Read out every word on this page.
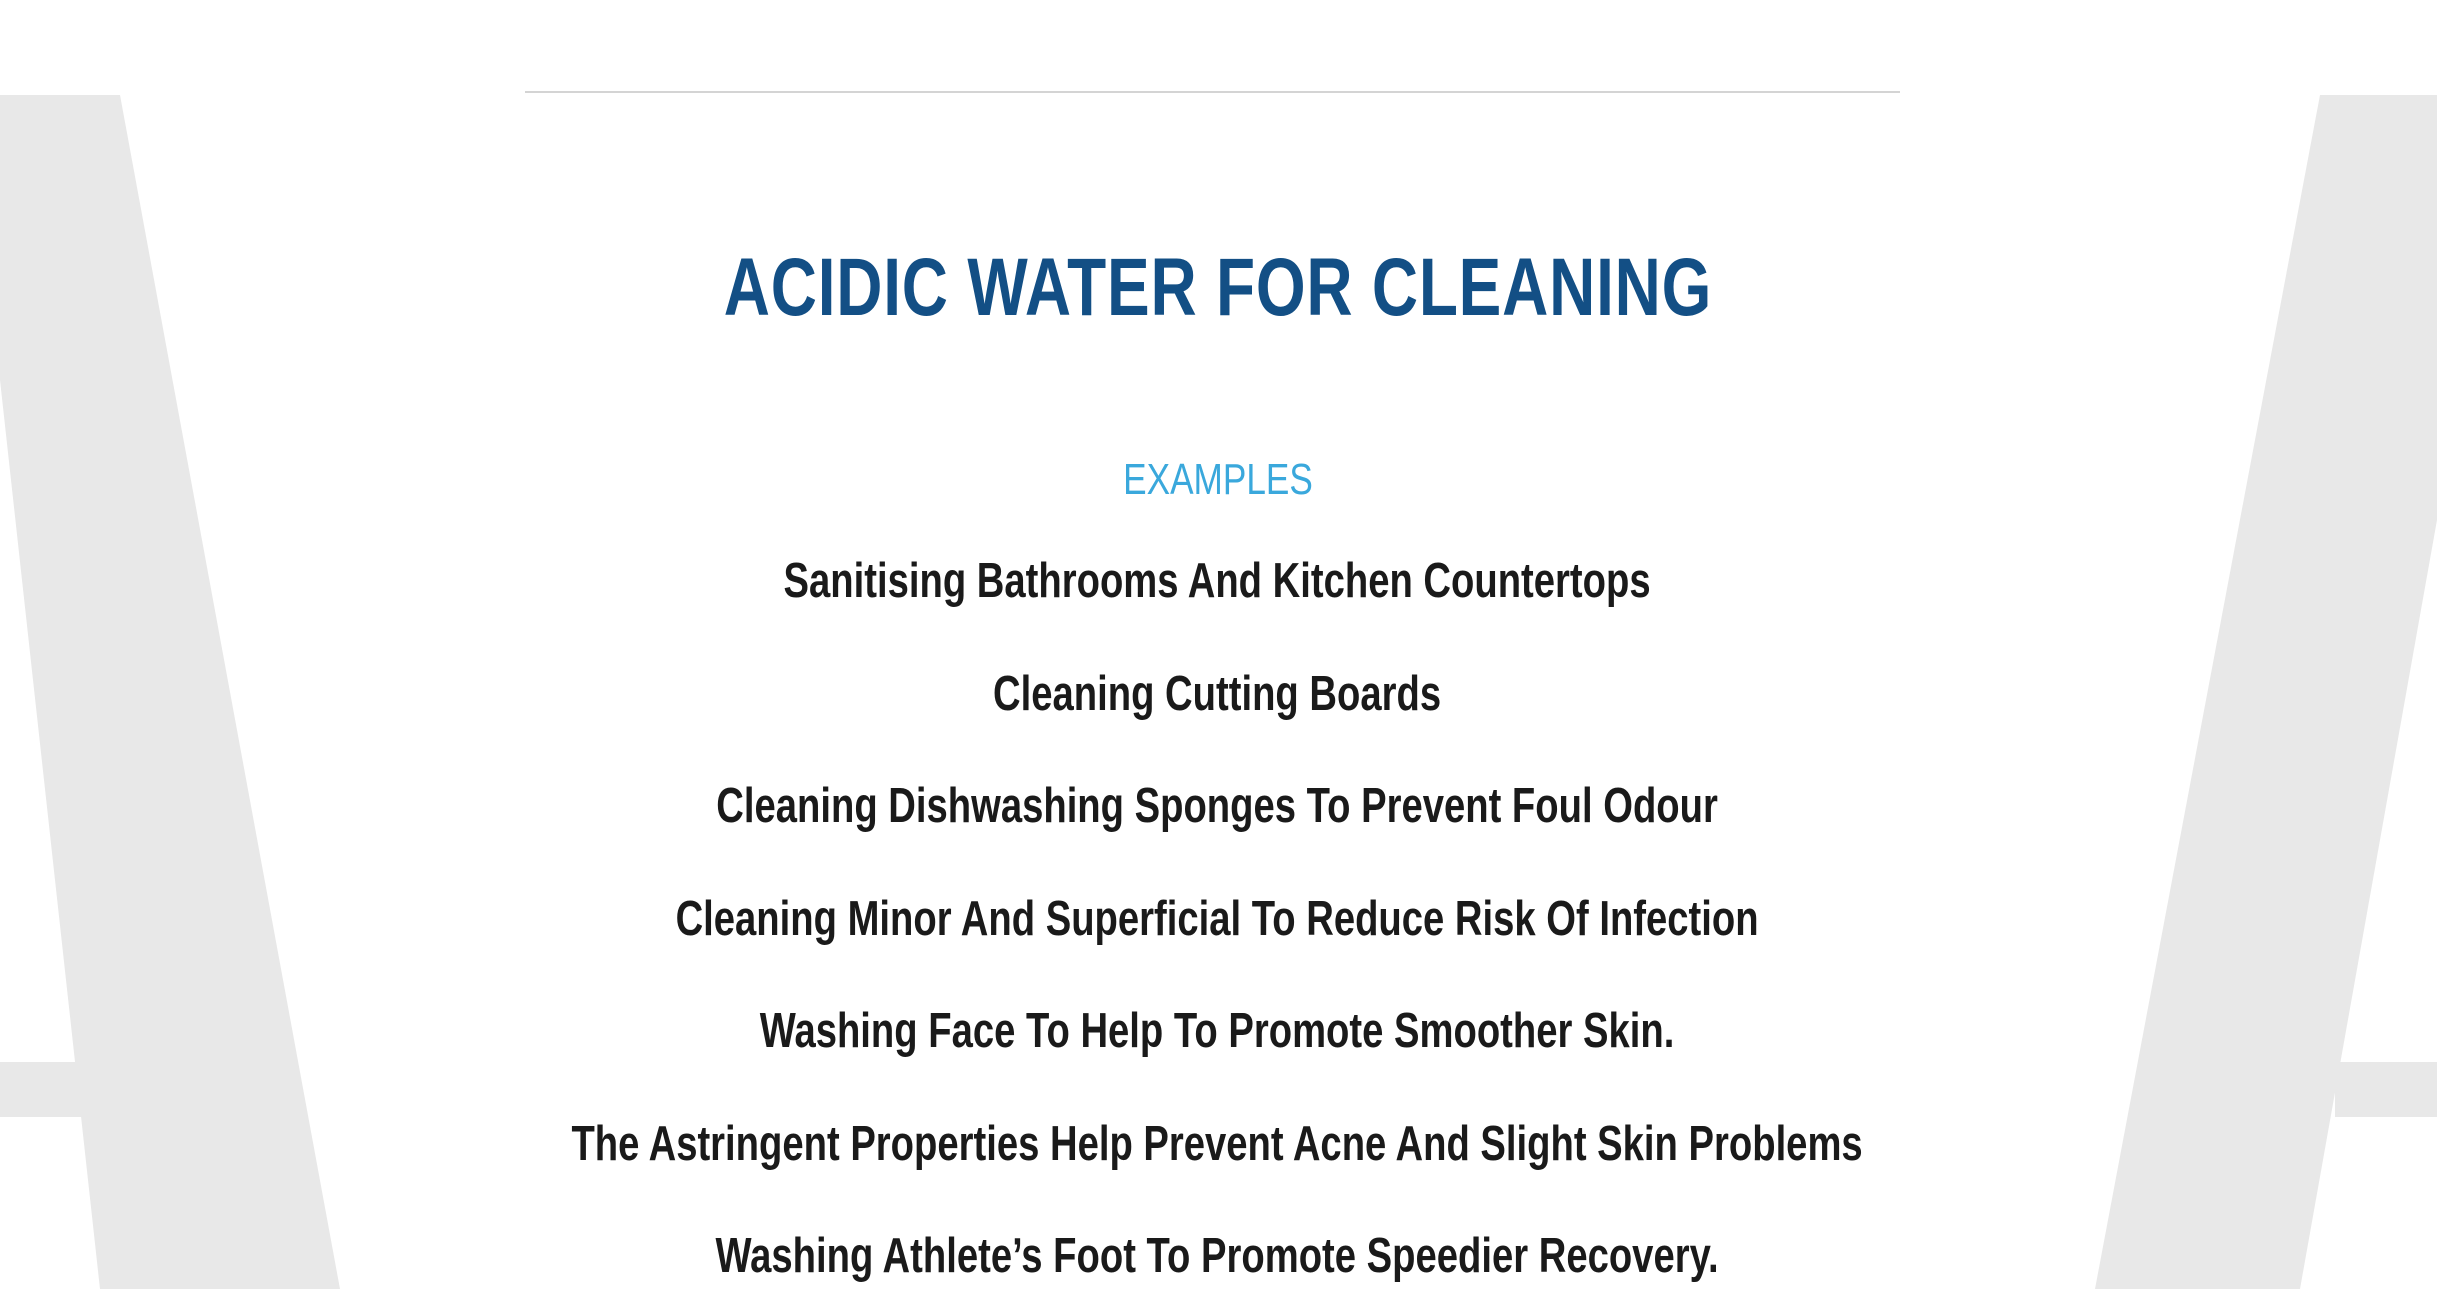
ACIDIC WATER FOR CLEANING
EXAMPLES
Sanitising Bathrooms And Kitchen Countertops
Cleaning Cutting Boards
Cleaning Dishwashing Sponges To Prevent Foul Odour
Cleaning Minor And Superficial To Reduce Risk Of Infection
Washing Face To Help To Promote Smoother Skin.
The Astringent Properties Help Prevent Acne And Slight Skin Problems
Washing Athlete’s Foot To Promote Speedier Recovery.
